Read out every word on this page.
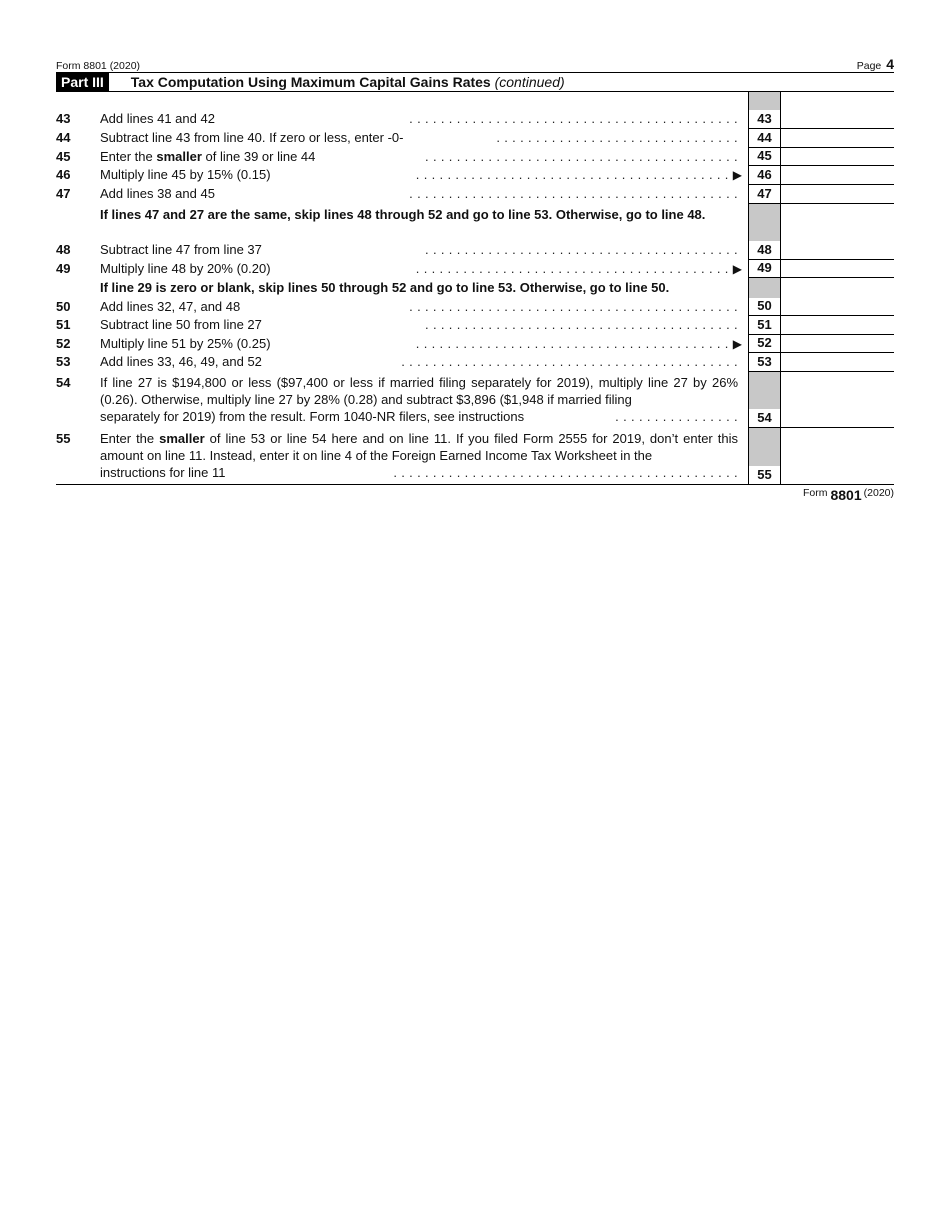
Form 8801 (2020)	Page 4
Part III	Tax Computation Using Maximum Capital Gains Rates (continued)
43	Add lines 41 and 42	. . . . . . . . . . . . . . . . . . . . . . . . . . . . . . . . . . . . . . . . . .	43
44	Subtract line 43 from line 40. If zero or less, enter -0-	. . . . . . . . . . . . . . . . . . . . . . . . . . . . . . .	44
45	Enter the smaller of line 39 or line 44	. . . . . . . . . . . . . . . . . . . . . . . . . . . . . . . . . . . . . . . .	45
46	Multiply line 45 by 15% (0.15)	. . . . . . . . . . . . . . . . . . . . . . . . . . . . . . . . . . . . . . . . ▶	46
47	Add lines 38 and 45	. . . . . . . . . . . . . . . . . . . . . . . . . . . . . . . . . . . . . . . . . .	47
If lines 47 and 27 are the same, skip lines 48 through 52 and go to line 53. Otherwise, go to line 48.
48	Subtract line 47 from line 37	. . . . . . . . . . . . . . . . . . . . . . . . . . . . . . . . . . . . . . . .	48
49	Multiply line 48 by 20% (0.20)	. . . . . . . . . . . . . . . . . . . . . . . . . . . . . . . . . . . . . . . . ▶	49
If line 29 is zero or blank, skip lines 50 through 52 and go to line 53. Otherwise, go to line 50.
50	Add lines 32, 47, and 48	. . . . . . . . . . . . . . . . . . . . . . . . . . . . . . . . . . . . . . . . . .	50
51	Subtract line 50 from line 27	. . . . . . . . . . . . . . . . . . . . . . . . . . . . . . . . . . . . . . . .	51
52	Multiply line 51 by 25% (0.25)	. . . . . . . . . . . . . . . . . . . . . . . . . . . . . . . . . . . . . . . . ▶	52
53	Add lines 33, 46, 49, and 52	. . . . . . . . . . . . . . . . . . . . . . . . . . . . . . . . . . . . . . . . . . .	53
54	If line 27 is $194,800 or less ($97,400 or less if married filing separately for 2019), multiply line 27 by 26% (0.26). Otherwise, multiply line 27 by 28% (0.28) and subtract $3,896 ($1,948 if married filing
separately for 2019) from the result. Form 1040-NR filers, see instructions	. . . . . . . . . . . . . . . .	54
55	Enter the smaller of line 53 or line 54 here and on line 11. If you filed Form 2555 for 2019, don’t enter this amount on line 11. Instead, enter it on line 4 of the Foreign Earned Income Tax Worksheet in the
instructions for line 11	. . . . . . . . . . . . . . . . . . . . . . . . . . . . . . . . . . . . . . . . . . . .	55
Form 8801 (2020)
